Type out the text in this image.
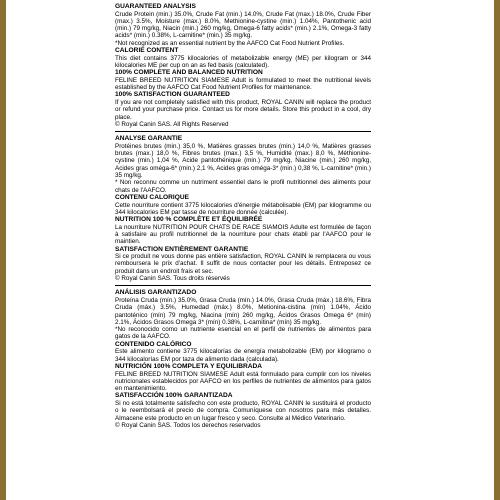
GUARANTEED ANALYSIS

Crude Protein (min.) 35.0%, Crude Fat (min.) 14.0%, Crude Fat (max.) 18.0%, Crude Fiber (max.) 3.5%, Moisture (max.) 8.0%, Methionine-cystine (min.) 1.04%, Pantothenic acid (min.) 79 mg/kg, Niacin (min.) 260 mg/kg, Omega-6 fatty acids* (min.) 2.1%, Omega-3 fatty acids* (min.) 0.38%, L-carnitine* (min.) 35 mg/kg.

*Not recognized as an essential nutrient by the AAFCO Cat Food Nutrient Profiles.

CALORIE CONTENT

This diet contains 3775 kilocalories of metabolizable energy (ME) per kilogram or 344 kilocalories ME per cup on an as fed basis (calculated).

100% COMPLETE AND BALANCED NUTRITION

FELINE BREED NUTRITION SIAMESE Adult is formulated to meet the nutritional levels established by the AAFCO Cat Food Nutrient Profiles for maintenance.

100% SATISFACTION GUARANTEED

If you are not completely satisfied with this product, ROYAL CANIN will replace the product or refund your purchase price. Contact us for more details. Store this product in a cool, dry place.

© Royal Canin SAS. All Rights Reserved

ANALYSE GARANTIE

Protéines brutes (min.) 35,0 %, Matières grasses brutes (min.) 14,0 %, Matières grasses brutes (max.) 18,0 %, Fibres brutes (max.) 3,5 %, Humidité (max.) 8,0 %, Méthionine-cystine (min.) 1,04 %, Acide pantothénique (min.) 79 mg/kg, Niacine (min.) 260 mg/kg, Acides gras oméga-6* (min.) 2,1 %, Acides gras oméga-3* (min.) 0,38 %, L-carnitine* (min.) 35 mg/kg.

* Non reconnu comme un nutriment essentiel dans le profil nutritionnel des aliments pour chats de l'AAFCO.

CONTENU CALORIQUE

Cette nourriture contient 3775 kilocalories d'énergie métabolisable (EM) par kilogramme ou 344 kilocalories EM par tasse de nourriture donnée (calculée).

NUTRITION 100 % COMPLÈTE ET ÉQUILIBRÉE

La nourriture NUTRITION POUR CHATS DE RACE SIAMOIS Adulte est formulée de façon à satisfaire au profil nutritionnel de la nourriture pour chats établi par l'AAFCO pour le maintien.

SATISFACTION ENTIÈREMENT GARANTIE

Si ce produit ne vous donne pas entière satisfaction, ROYAL CANIN le remplacera ou vous remboursera le prix d'achat. Il suffit de nous contacter pour les détails. Entreposez ce produit dans un endroit frais et sec.

© Royal Canin SAS. Tous droits réservés

ANÁLISIS GARANTIZADO

Proteína Cruda (mín.) 35.0%, Grasa Cruda (mín.) 14.0%, Grasa Cruda (máx.) 18.6%, Fibra Cruda (máx.) 3.5%, Humedad (máx.) 8.0%, Metionina-cistina (mín) 1.04%, Ácido pantoténico (mín) 79 mg/kg, Niacina (mín) 260 mg/kg, Ácidos Grasos Omega 6* (mín) 2.1%, Ácidos Grasos Omega 3* (mín) 0.38%, L-carnitina* (mín) 35 mg/kg.

*No reconocido como un nutriente esencial en el perfil de nutrientes de alimentos para gatos de la AAFCO.

CONTENIDO CALÓRICO

Este alimento contiene 3775 kilocalorías de energía metabolizable (EM) por kilogramo o 344 kilocalorías EM por taza de alimento dada (calculada).

NUTRICIÓN 100% COMPLETA Y EQUILIBRADA

FELINE BREED NUTRITION SIAMESE Adult está formulado para cumplir con los niveles nutricionales establecidos por AAFCO en los perfiles de nutrientes de alimentos para gatos en mantenimiento.

SATISFACCIÓN 100% GARANTIZADA

Si no está totalmente satisfecho con este producto, ROYAL CANIN le sustituirá el producto o le reembolsará el precio de compra. Comuníquese con nosotros para más detalles. Almacene este producto en un lugar fresco y seco. Consulte al Médico Veterinario.

© Royal Canin SAS. Todos los derechos reservados
